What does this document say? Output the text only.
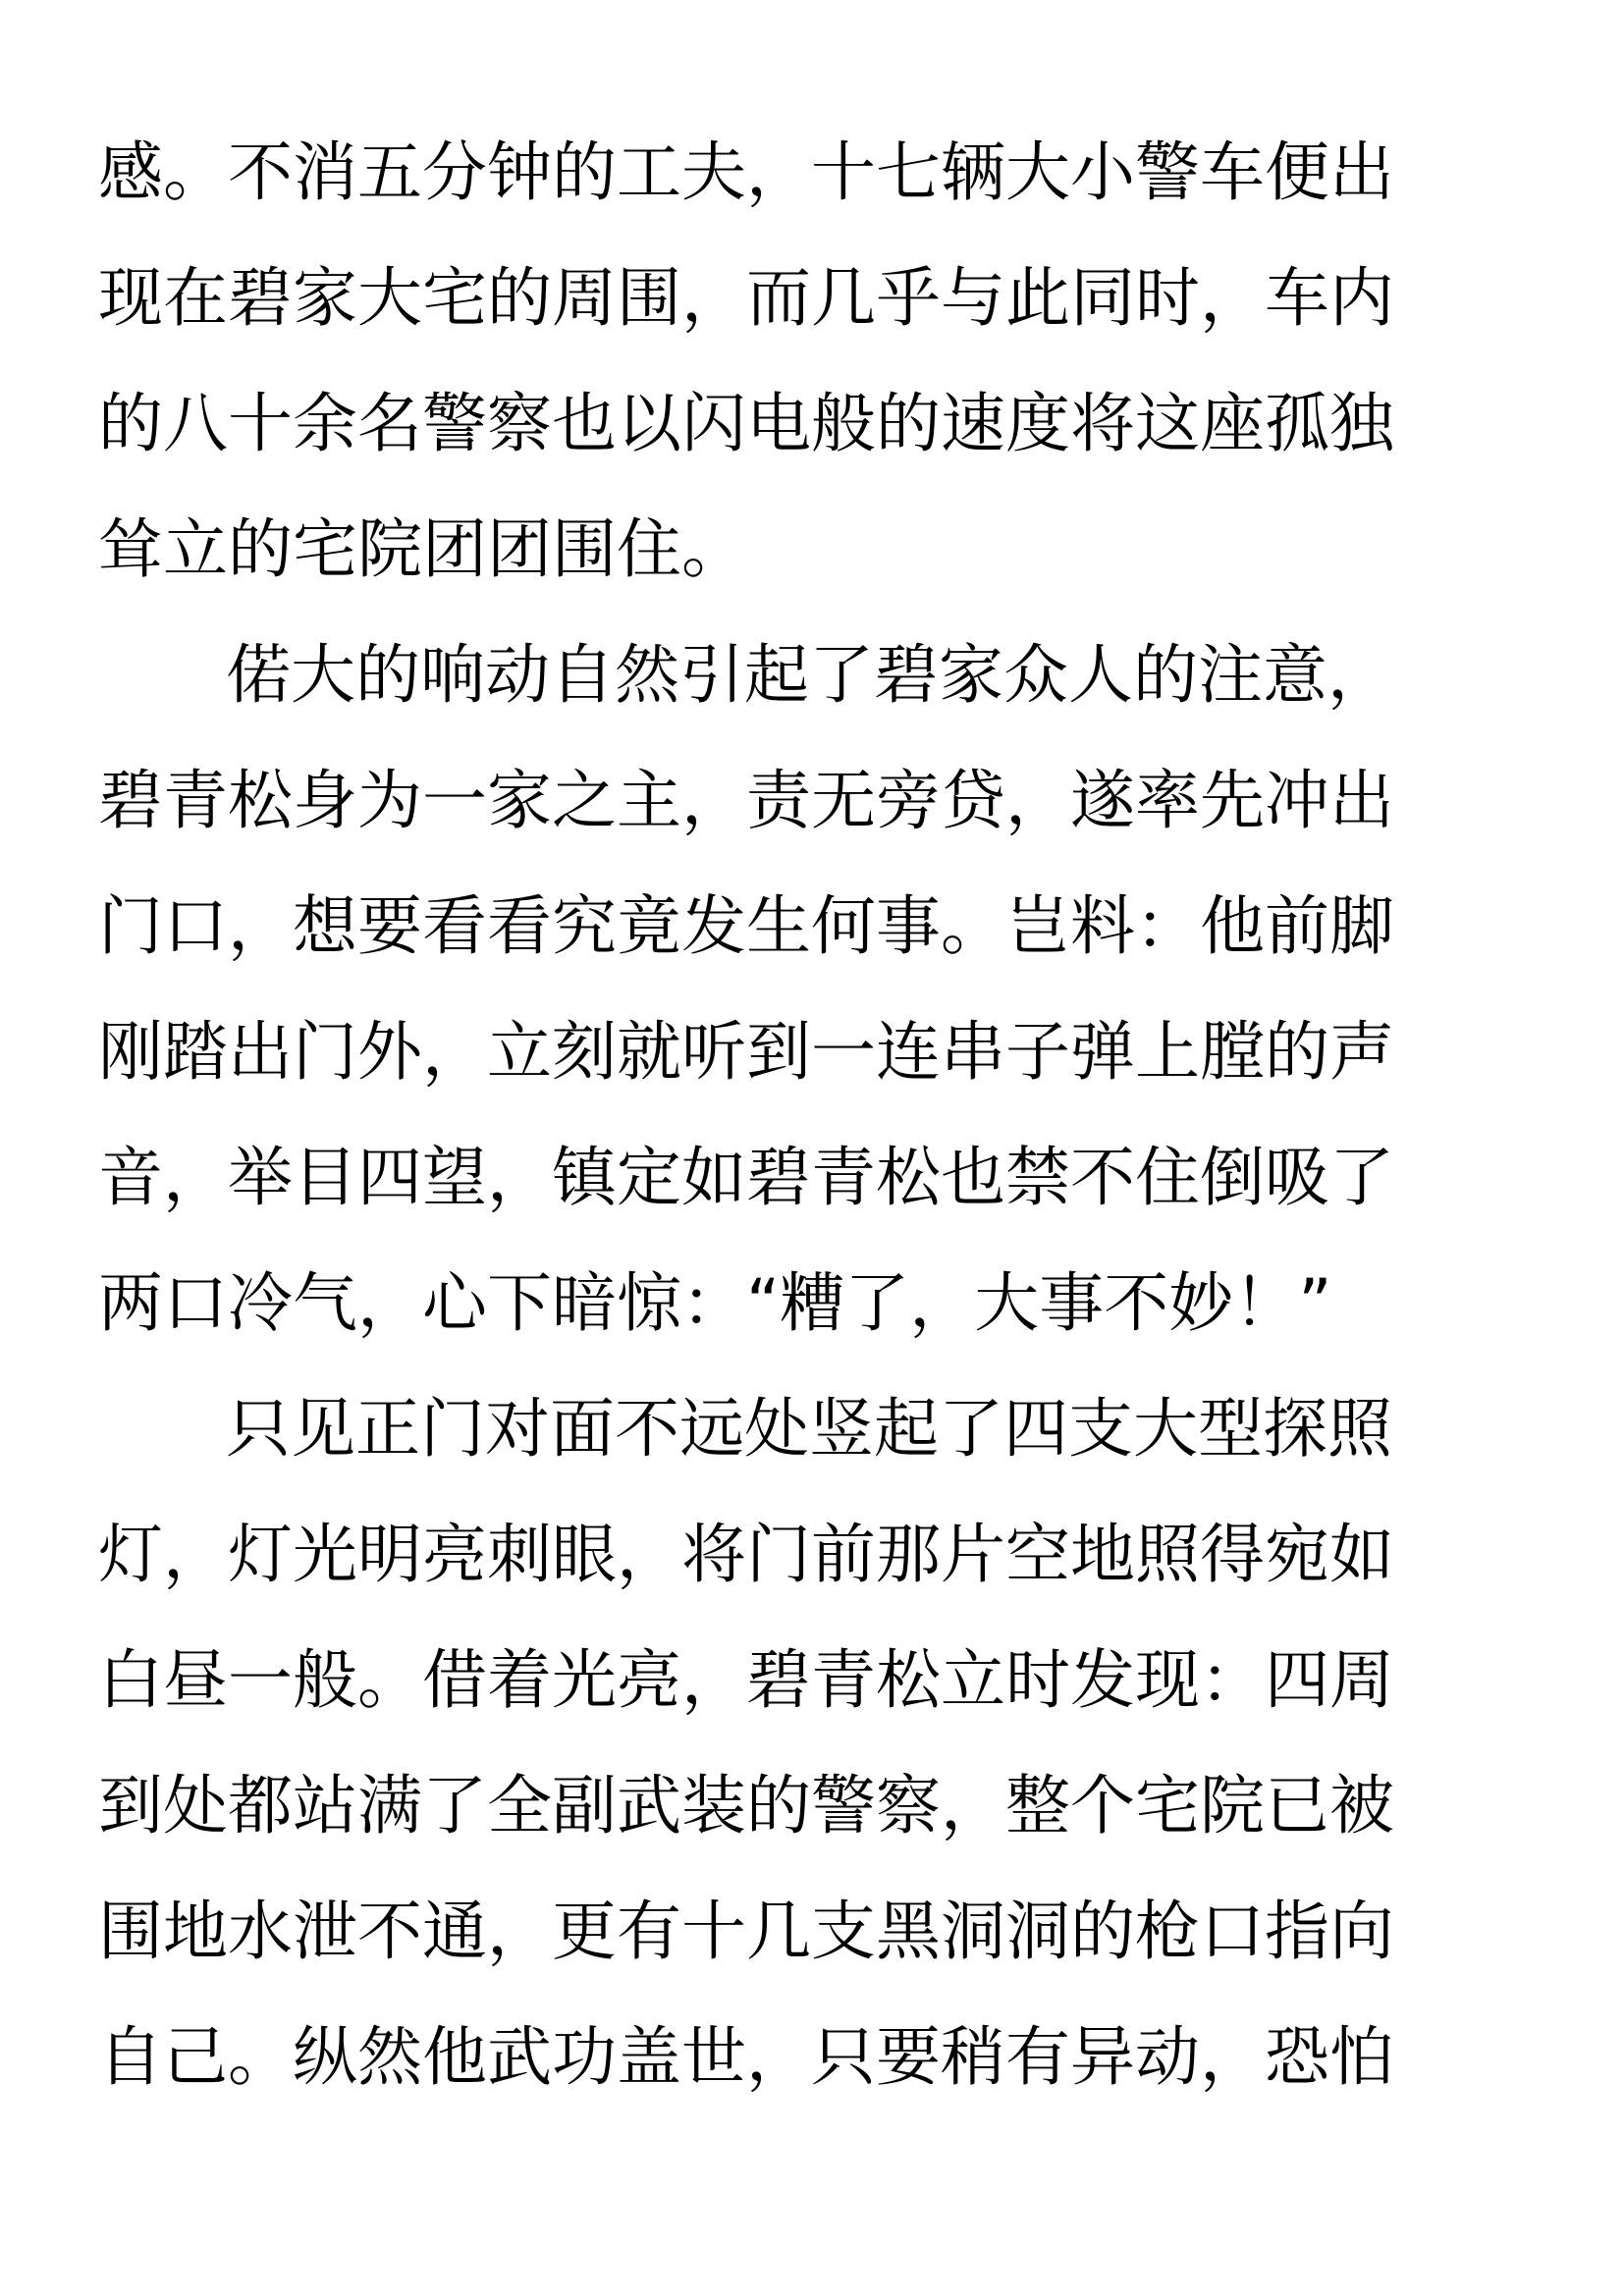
感。不消五分钟的工夫，十七辆大小警车便出
现在碧家大宅的周围，而几乎与此同时，车内
的八十余名警察也以闪电般的速度将这座孤独
耸立的宅院团团围住。
偌大的响动自然引起了碧家众人的注意，
碧青松身为一家之主，责无旁贷，遂率先冲出
门口，想要看看究竟发生何事。岂料：他前脚
刚踏出门外，立刻就听到一连串子弹上膛的声
音，举目四望，镇定如碧青松也禁不住倒吸了
两口冷气，心下暗惊：“糟了，大事不妙！”
只见正门对面不远处竖起了四支大型探照
灯，灯光明亮刺眼，将门前那片空地照得宛如
白昼一般。借着光亮，碧青松立时发现：四周
到处都站满了全副武装的警察，整个宅院已被
围地水泄不通，更有十几支黑洞洞的枪口指向
自己。纵然他武功盖世，只要稍有异动，恐怕
